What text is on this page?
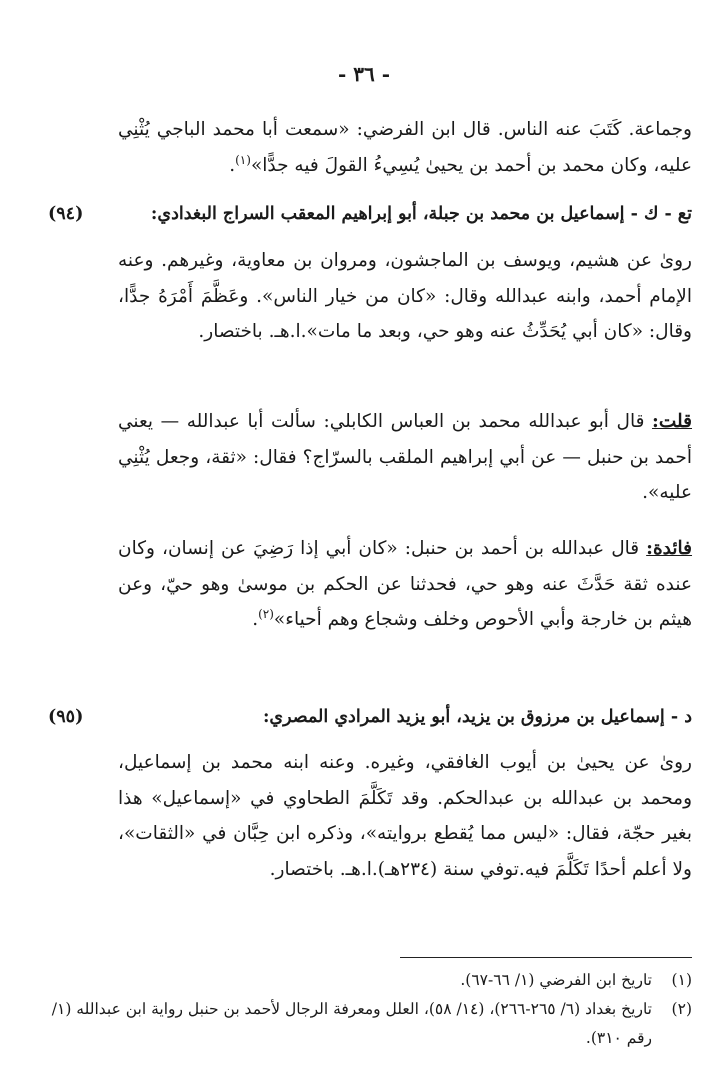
- ٣٦ -

وجماعة. كَتَبَ عنه الناس. قال ابن الفرضي: «سمعت أبا محمد الباجي يُثْنِي عليه، وكان محمد بن أحمد بن يحيىٰ يُسِيءُ القولَ فيه جدًّا»$^{(١)}$.

تع - ك - إسماعيل بن محمد بن جبلة، أبو إبراهيم المعقب السراج البغدادي:
(٩٤)

روىٰ عن هشيم، ويوسف بن الماجشون، ومروان بن معاوية، وغيرهم. وعنه الإمام أحمد، وابنه عبدالله وقال: «كان من خيار الناس». وعَظَّمَ أَمْرَهُ جدًّا، وقال: «كان أبي يُحَدِّثُ عنه وهو حي، وبعد ما مات».ا.هـ. باختصار.

قلت: قال أبو عبدالله محمد بن العباس الكابلي: سألت أبا عبدالله — يعني أحمد بن حنبل — عن أبي إبراهيم الملقب بالسرّاج؟ فقال: «ثقة، وجعل يُثْنِي عليه».

فائدة: قال عبدالله بن أحمد بن حنبل: «كان أبي إذا رَضِيَ عن إنسان، وكان عنده ثقة حَدَّثَ عنه وهو حي، فحدثنا عن الحكم بن موسىٰ وهو حيّ، وعن هيثم بن خارجة وأبي الأحوص وخلف وشجاع وهم أحياء»$^{(٢)}$.

د - إسماعيل بن مرزوق بن يزيد، أبو يزيد المرادي المصري:
(٩٥)

روىٰ عن يحيىٰ بن أيوب الغافقي، وغيره. وعنه ابنه محمد بن إسماعيل، ومحمد بن عبدالله بن عبدالحكم. وقد تَكَلَّمَ الطحاوي في «إسماعيل» هذا بغير حجّة، فقال: «ليس مما يُقطع بروايته»، وذكره ابن حِبَّان في «الثقات»، ولا أعلم أحدًا تَكَلَّمَ فيه.توفي سنة (٢٣٤هـ).ا.هـ. باختصار.

(١)
تاريخ ابن الفرضي (١/ ٦٦-٦٧).
(٢)
تاريخ بغداد (٦/ ٢٦٥-٢٦٦)، (١٤/ ٥٨)، العلل ومعرفة الرجال لأحمد بن حنبل رواية ابن عبدالله (١/ رقم ٣١٠).
